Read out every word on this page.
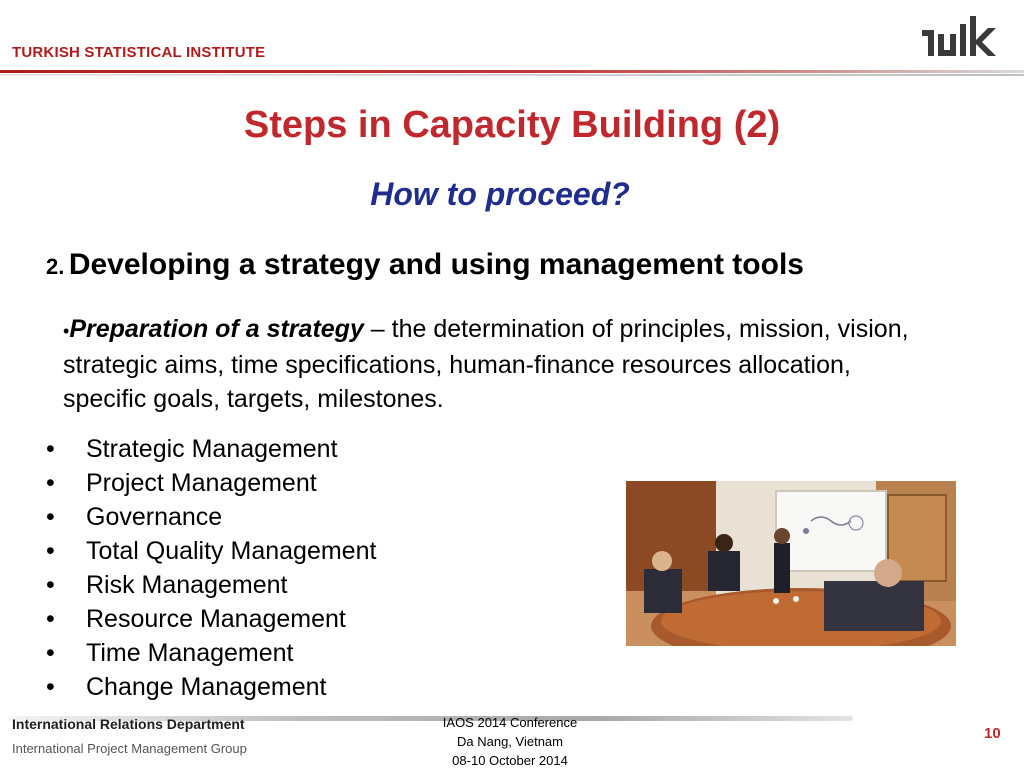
TURKISH STATISTICAL INSTITUTE
Steps in Capacity Building (2)
How to proceed?
2. Developing a strategy and using management tools
•Preparation of a strategy – the determination of principles, mission, vision, strategic aims, time specifications, human-finance resources allocation, specific goals, targets, milestones.
• Strategic Management
• Project Management
• Governance
• Total Quality Management
• Risk Management
• Resource Management
• Time Management
• Change Management
International Relations Department
International Project Management Group
IAOS 2014 Conference
Da Nang, Vietnam
08-10 October 2014
10
